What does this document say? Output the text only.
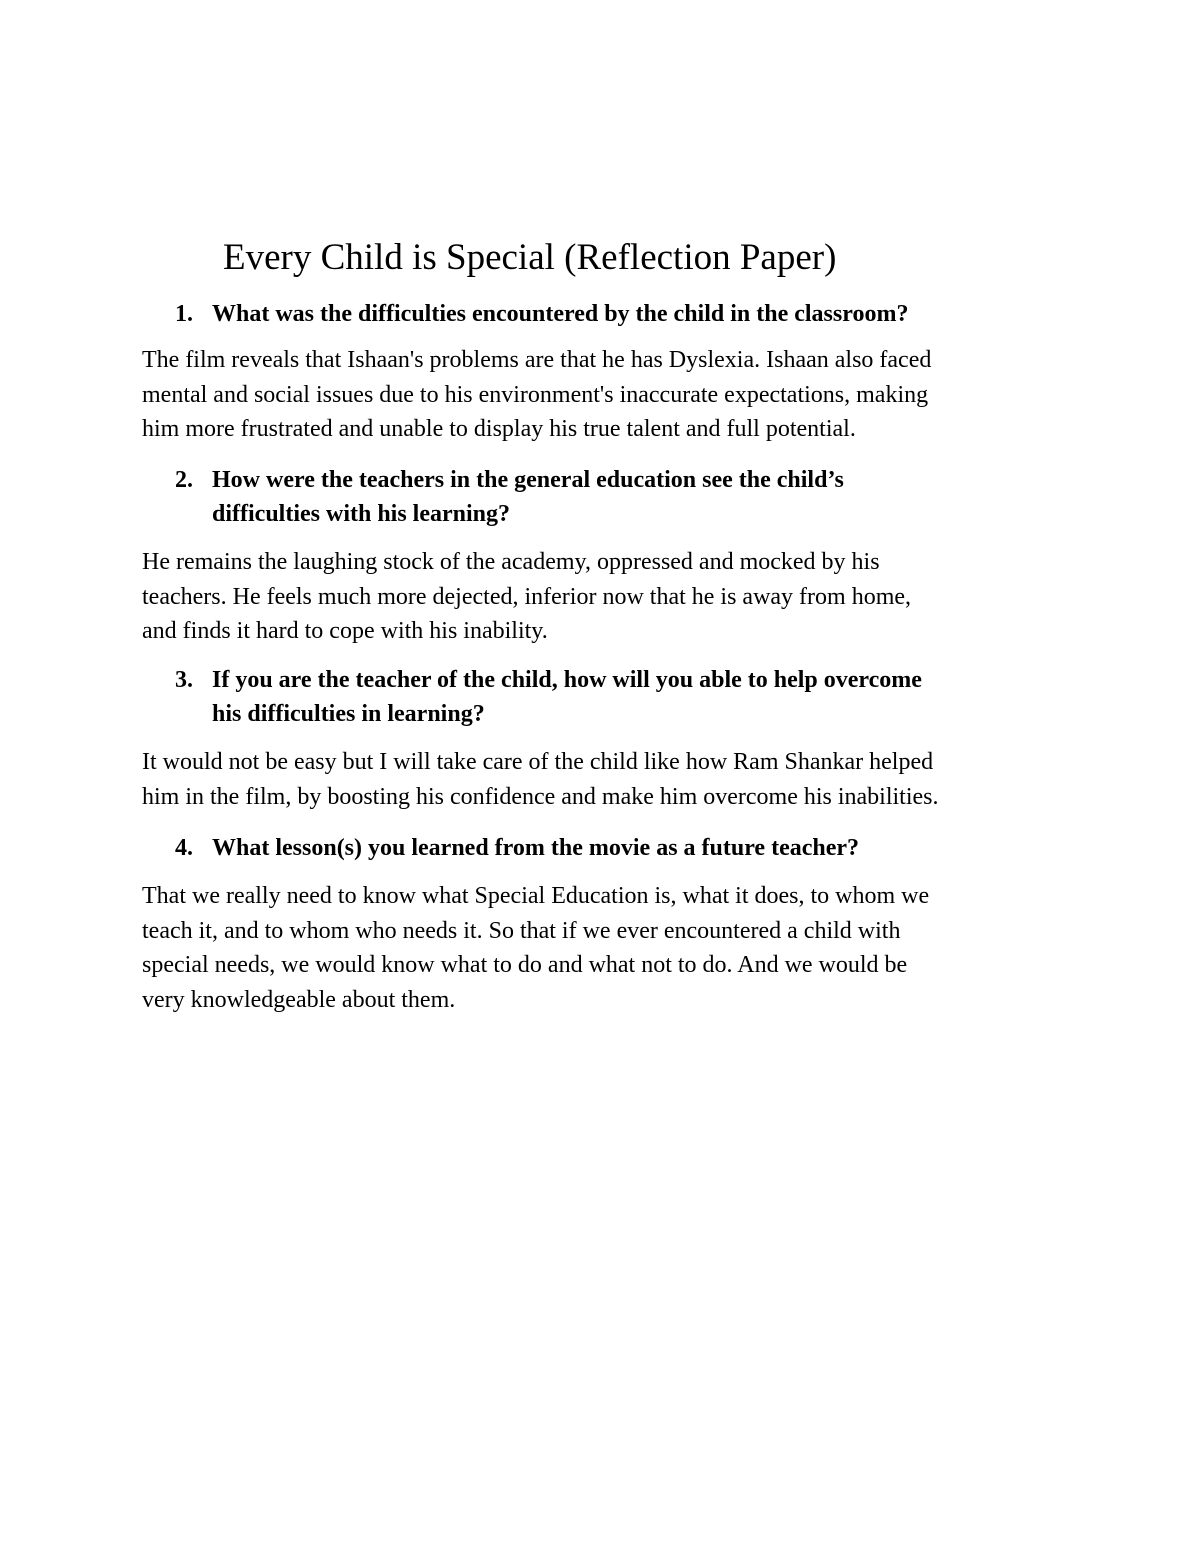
Every Child is Special (Reflection Paper)
1. What was the difficulties encountered by the child in the classroom?
The film reveals that Ishaan's problems are that he has Dyslexia. Ishaan also faced
mental and social issues due to his environment's inaccurate expectations, making
him more frustrated and unable to display his true talent and full potential.
2. How were the teachers in the general education see the child’s
difficulties with his learning?
He remains the laughing stock of the academy, oppressed and mocked by his
teachers. He feels much more dejected, inferior now that he is away from home,
and finds it hard to cope with his inability.
3. If you are the teacher of the child, how will you able to help overcome
his difficulties in learning?
It would not be easy but I will take care of the child like how Ram Shankar helped
him in the film, by boosting his confidence and make him overcome his inabilities.
4. What lesson(s) you learned from the movie as a future teacher?
That we really need to know what Special Education is, what it does, to whom we
teach it, and to whom who needs it. So that if we ever encountered a child with
special needs, we would know what to do and what not to do. And we would be
very knowledgeable about them.
